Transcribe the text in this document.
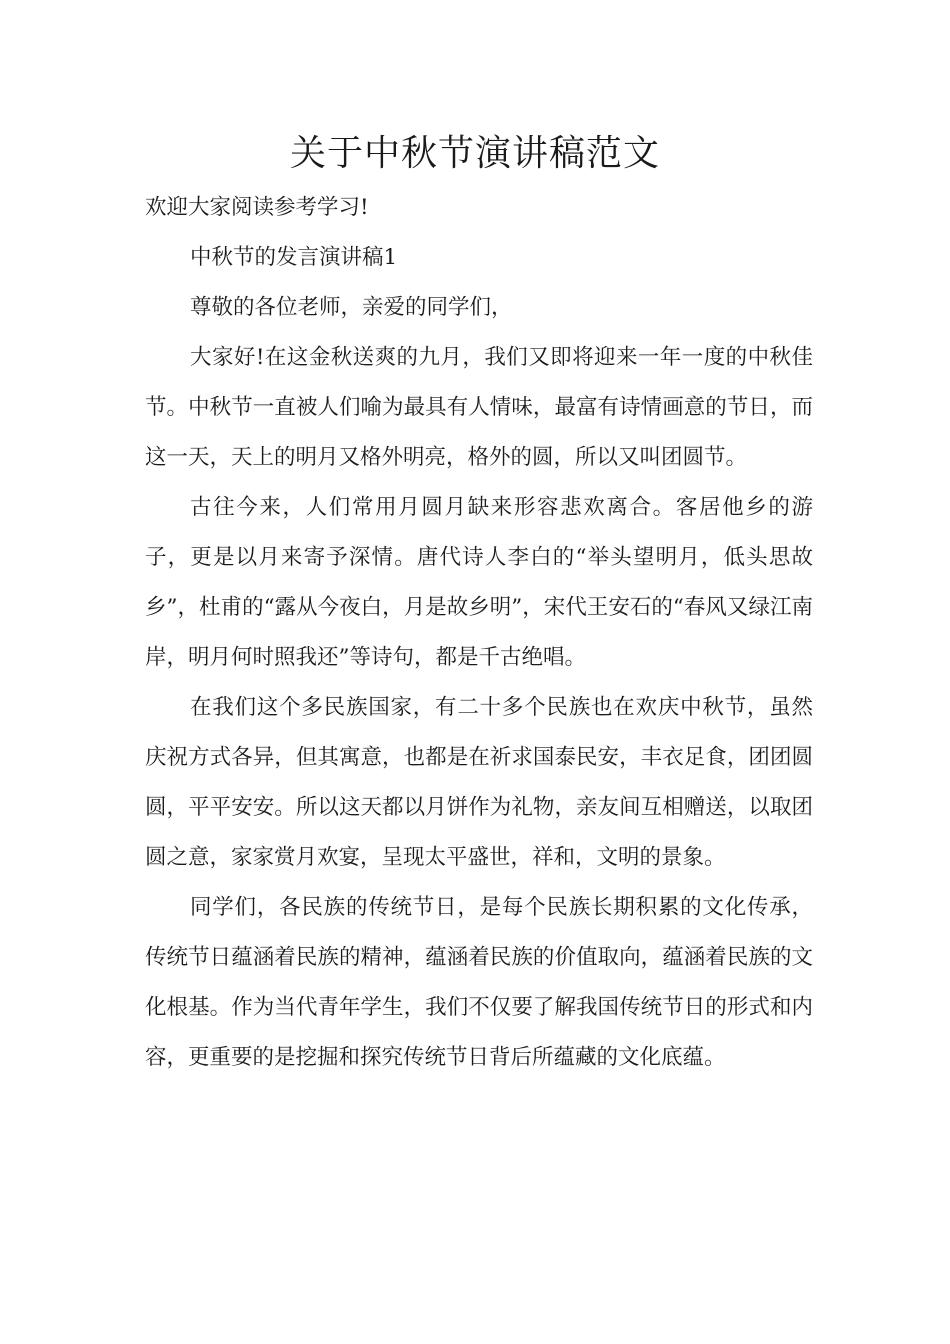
关于中秋节演讲稿范文

欢迎大家阅读参考学习!

中秋节的发言演讲稿1

尊敬的各位老师，亲爱的同学们，

大家好!在这金秋送爽的九月，我们又即将迎来一年一度的中秋佳节。中秋节一直被人们喻为最具有人情味，最富有诗情画意的节日，而这一天，天上的明月又格外明亮，格外的圆，所以又叫团圆节。

古往今来，人们常用月圆月缺来形容悲欢离合。客居他乡的游子，更是以月来寄予深情。唐代诗人李白的“举头望明月，低头思故乡”，杜甫的“露从今夜白，月是故乡明”，宋代王安石的“春风又绿江南岸，明月何时照我还”等诗句，都是千古绝唱。

在我们这个多民族国家，有二十多个民族也在欢庆中秋节，虽然庆祝方式各异，但其寓意，也都是在祈求国泰民安，丰衣足食，团团圆圆，平平安安。所以这天都以月饼作为礼物，亲友间互相赠送，以取团圆之意，家家赏月欢宴，呈现太平盛世，祥和，文明的景象。

同学们，各民族的传统节日，是每个民族长期积累的文化传承，传统节日蕴涵着民族的精神，蕴涵着民族的价值取向，蕴涵着民族的文化根基。作为当代青年学生，我们不仅要了解我国传统节日的形式和内容，更重要的是挖掘和探究传统节日背后所蕴藏的文化底蕴。
